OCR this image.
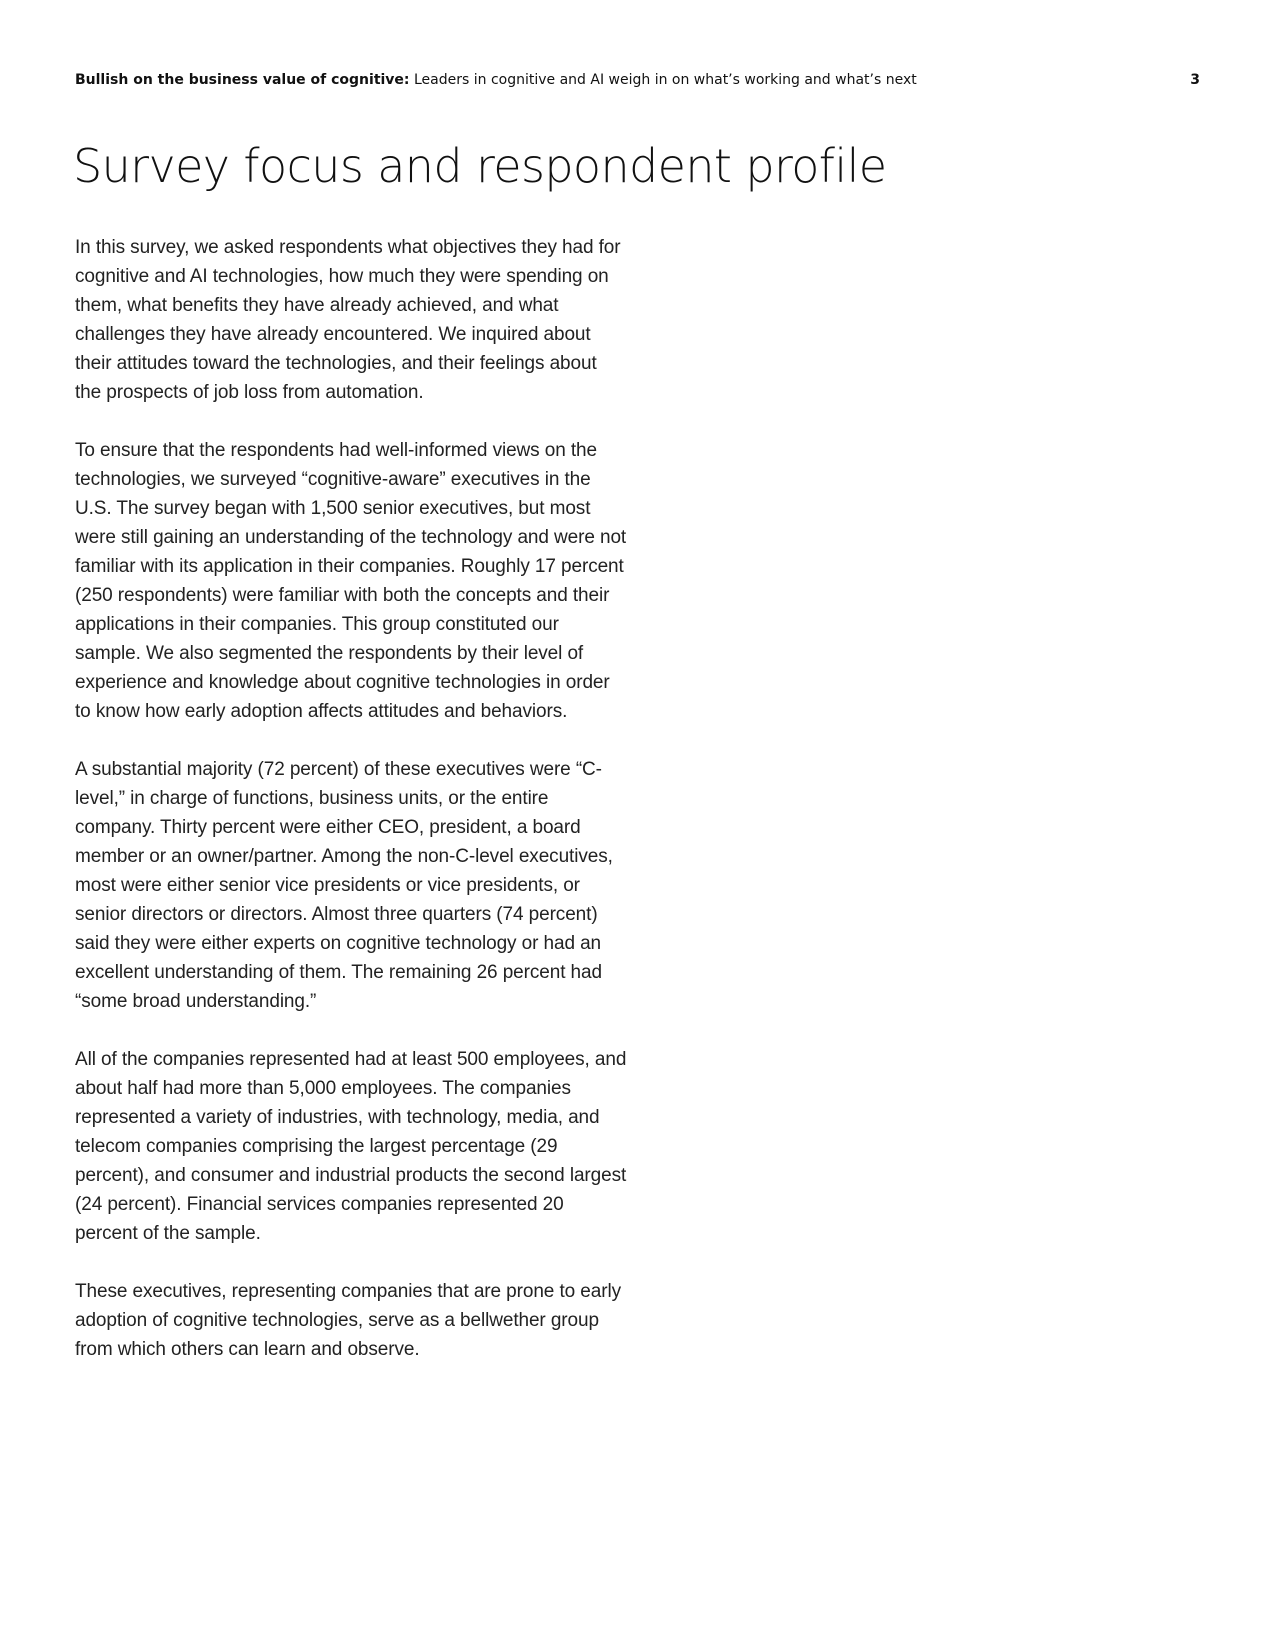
Bullish on the business value of cognitive: Leaders in cognitive and AI weigh in on what’s working and what’s next	3
Survey focus and respondent profile

In this survey, we asked respondents what objectives they had for cognitive and AI technologies, how much they were spending on them, what benefits they have already achieved, and what challenges they have already encountered. We inquired about their attitudes toward the technologies, and their feelings about the prospects of job loss from automation.

To ensure that the respondents had well-informed views on the technologies, we surveyed “cognitive-aware” executives in the U.S. The survey began with 1,500 senior executives, but most were still gaining an understanding of the technology and were not familiar with its application in their companies. Roughly 17 percent (250 respondents) were familiar with both the concepts and their applications in their companies. This group constituted our sample. We also segmented the respondents by their level of experience and knowledge about cognitive technologies in order to know how early adoption affects attitudes and behaviors.

A substantial majority (72 percent) of these executives were “C-level,” in charge of functions, business units, or the entire company. Thirty percent were either CEO, president, a board member or an owner/partner. Among the non-C-level executives, most were either senior vice presidents or vice presidents, or senior directors or directors. Almost three quarters (74 percent) said they were either experts on cognitive technology or had an excellent understanding of them. The remaining 26 percent had “some broad understanding.”

All of the companies represented had at least 500 employees, and about half had more than 5,000 employees. The companies represented a variety of industries, with technology, media, and telecom companies comprising the largest percentage (29 percent), and consumer and industrial products the second largest (24 percent). Financial services companies represented 20 percent of the sample.

These executives, representing companies that are prone to early adoption of cognitive technologies, serve as a bellwether group from which others can learn and observe.
